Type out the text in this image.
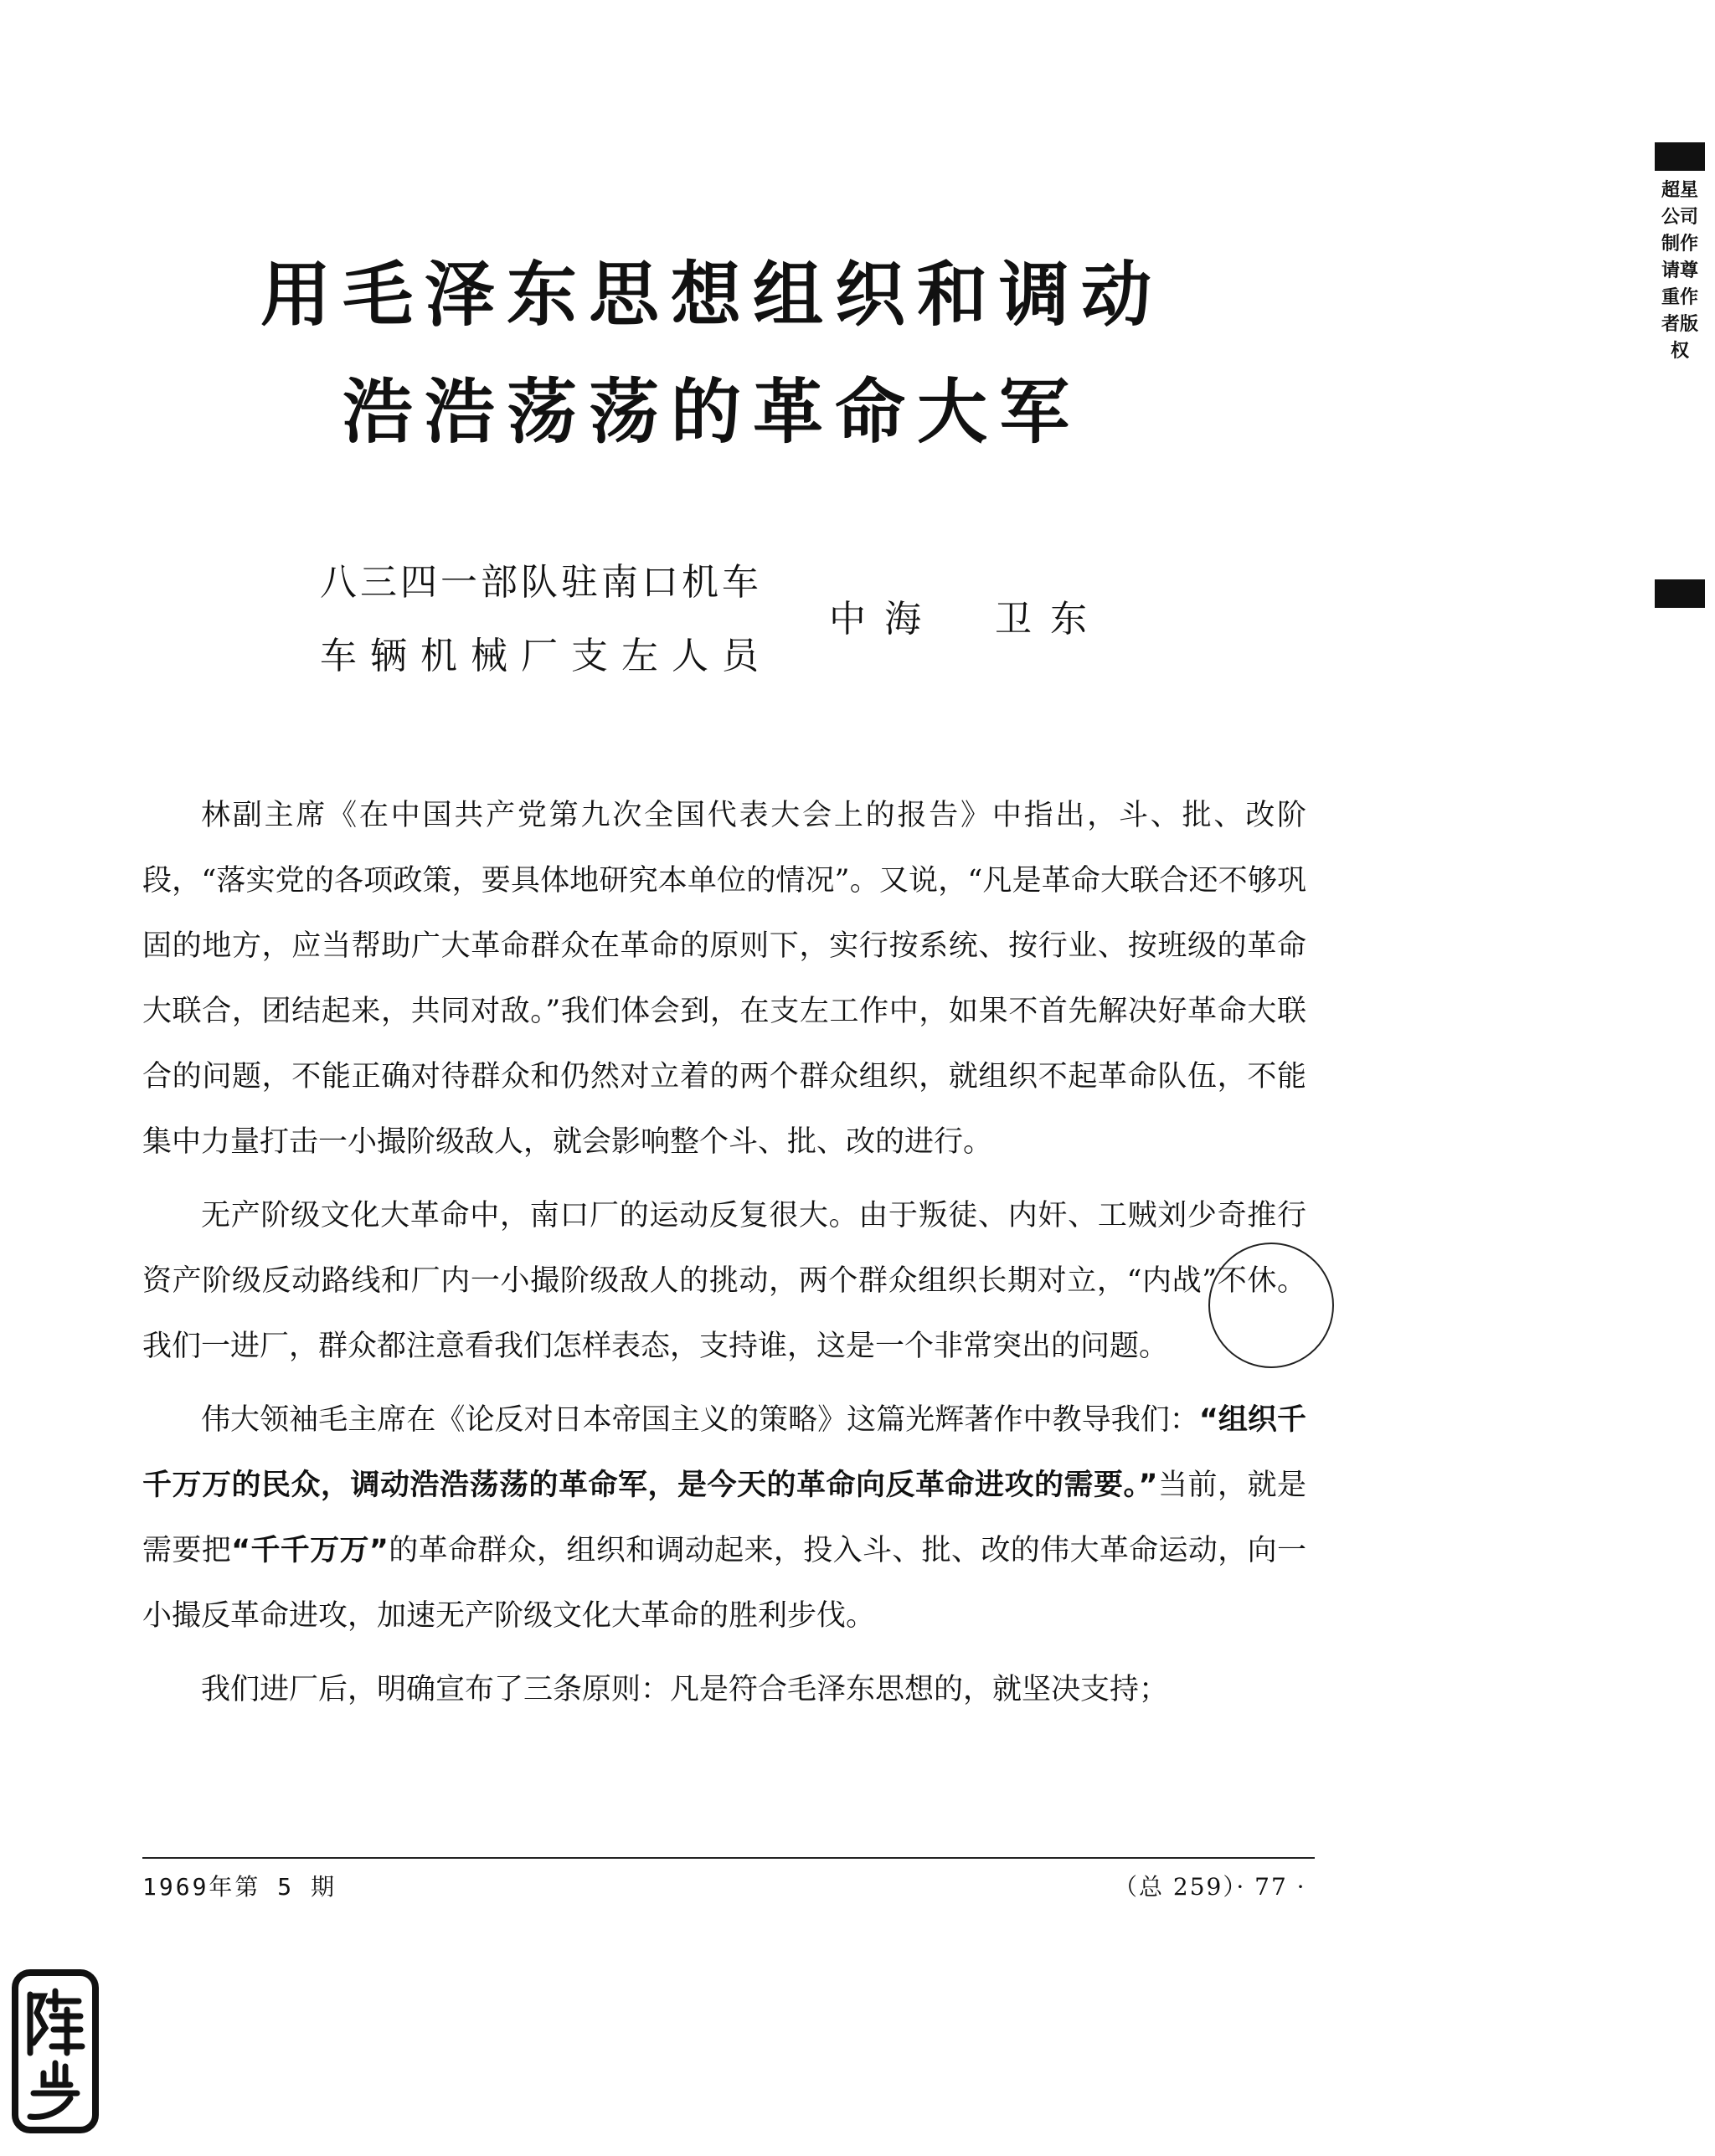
用毛泽东思想组织和调动
浩浩荡荡的革命大军
八三四一部队驻南口机车
车辆机械厂支左人员
中海　卫东

林副主席《在中国共产党第九次全国代表大会上的报告》中指出，斗、批、改阶段，“落实党的各项政策，要具体地研究本单位的情况”。又说，“凡是革命大联合还不够巩固的地方，应当帮助广大革命群众在革命的原则下，实行按系统、按行业、按班级的革命大联合，团结起来，共同对敌。”我们体会到，在支左工作中，如果不首先解决好革命大联合的问题，不能正确对待群众和仍然对立着的两个群众组织，就组织不起革命队伍，不能集中力量打击一小撮阶级敌人，就会影响整个斗、批、改的进行。

无产阶级文化大革命中，南口厂的运动反复很大。由于叛徒、内奸、工贼刘少奇推行资产阶级反动路线和厂内一小撮阶级敌人的挑动，两个群众组织长期对立，“内战”不休。我们一进厂，群众都注意看我们怎样表态，支持谁，这是一个非常突出的问题。

伟大领袖毛主席在《论反对日本帝国主义的策略》这篇光辉著作中教导我们：“组织千千万万的民众，调动浩浩荡荡的革命军，是今天的革命向反革命进攻的需要。”当前，就是需要把“千千万万”的革命群众，组织和调动起来，投入斗、批、改的伟大革命运动，向一小撮反革命进攻，加速无产阶级文化大革命的胜利步伐。

我们进厂后，明确宣布了三条原则：凡是符合毛泽东思想的，就坚决支持；

1969年第 5 期	（总 259）· 77 ·
超星公司制作请尊重作者版权
